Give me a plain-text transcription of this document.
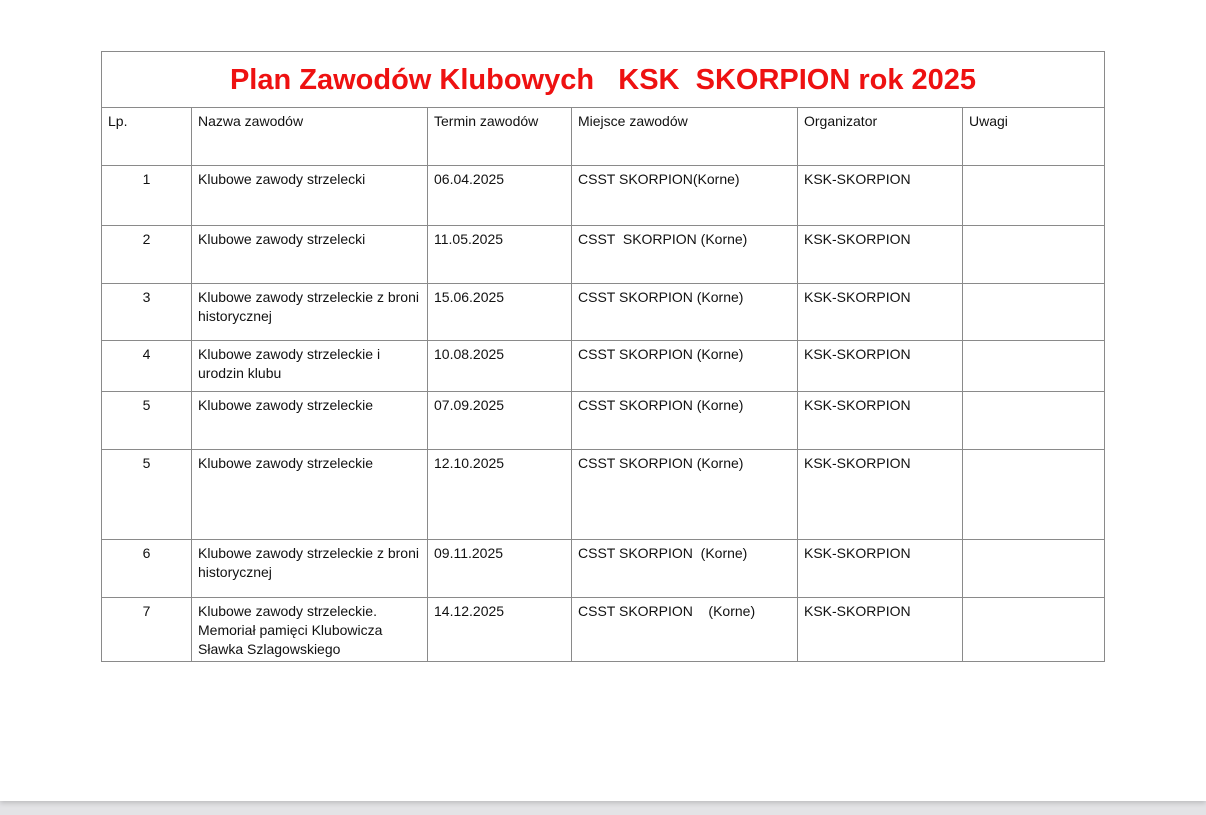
Plan Zawodów Klubowych   KSK  SKORPION rok 2025					

Lp.	Nazwa zawodów	Termin zawodów	Miejsce zawodów	Organizator	Uwagi
1	Klubowe zawody strzelecki	06.04.2025	CSST SKORPION(Korne)	KSK-SKORPION	
2	Klubowe zawody strzelecki	11.05.2025	CSST  SKORPION (Korne)	KSK-SKORPION	
3	Klubowe zawody strzeleckie z broni historycznej	15.06.2025	CSST SKORPION (Korne)	KSK-SKORPION	
4	Klubowe zawody strzeleckie i urodzin klubu	10.08.2025	CSST SKORPION (Korne)	KSK-SKORPION	
5	Klubowe zawody strzeleckie	07.09.2025	CSST SKORPION (Korne)	KSK-SKORPION	
5	Klubowe zawody strzeleckie	12.10.2025	CSST SKORPION (Korne)	KSK-SKORPION	
6	Klubowe zawody strzeleckie z broni historycznej	09.11.2025	CSST SKORPION  (Korne)	KSK-SKORPION	
7	Klubowe zawody strzeleckie.
Memoriał pamięci Klubowicza Sławka Szlagowskiego	14.12.2025	CSST SKORPION    (Korne)	KSK-SKORPION	
